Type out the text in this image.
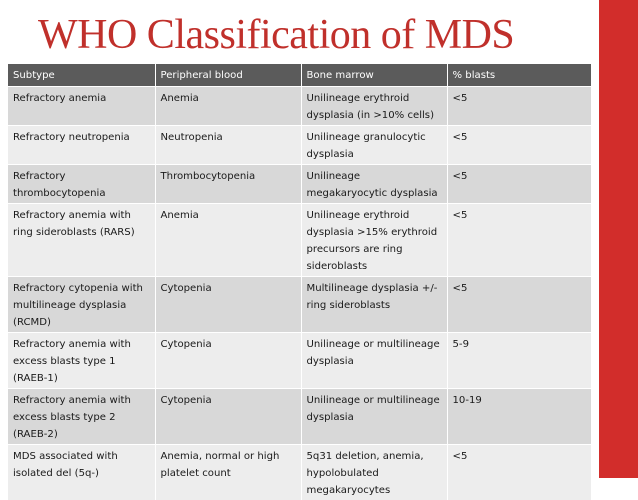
WHO Classification of MDS
Subtype	Peripheral blood	Bone marrow	% blasts
Refractory anemia	Anemia	Unilineage erythroid dysplasia (in >10% cells)	<5
Refractory neutropenia	Neutropenia	Unilineage granulocytic dysplasia	<5
Refractory thrombocytopenia	Thrombocytopenia	Unilineage megakaryocytic dysplasia	<5
Refractory anemia with ring sideroblasts (RARS)	Anemia	Unilineage erythroid dysplasia >15% erythroid precursors are ring sideroblasts	<5
Refractory cytopenia with multilineage dysplasia (RCMD)	Cytopenia	Multilineage dysplasia +/- ring sideroblasts	<5
Refractory anemia with excess blasts type 1 (RAEB-1)	Cytopenia	Unilineage or multilineage dysplasia	5-9
Refractory anemia with excess blasts type 2 (RAEB-2)	Cytopenia	Unilineage or multilineage dysplasia	10-19
MDS associated with isolated del (5q-)	Anemia, normal or high platelet count	5q31 deletion, anemia, hypolobulated megakaryocytes	<5
